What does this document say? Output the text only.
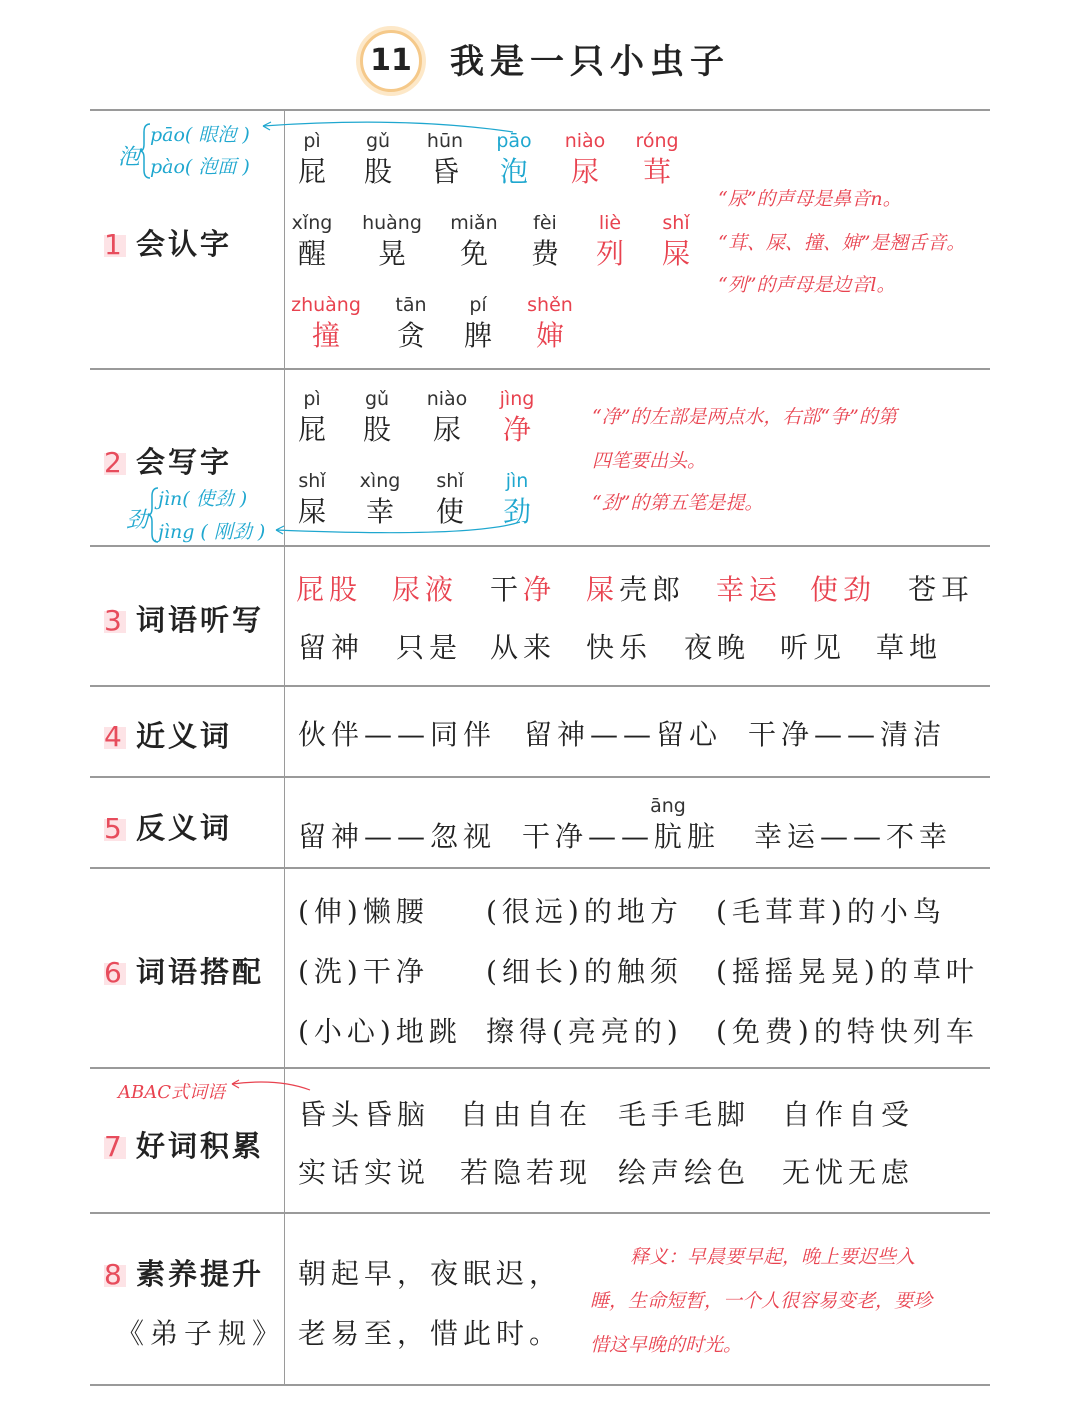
11 我是一只小虫子
1 会认字
泡
pāo( 眼泡 )
pào( 泡面 )
pì
屁
gǔ
股
hūn
昏
pāo
泡
niào
尿
róng
茸
xǐng
醒
huàng
晃
miǎn
免
fèi
费
liè
列
shǐ
屎
zhuàng
撞
tān
贪
pí
脾
shěn
婶
“尿”的声母是鼻音n。
“茸、屎、撞、婶”是翘舌音。
“列”的声母是边音l。
2 会写字
劲
jìn( 使劲 )
jìng ( 刚劲 )
pì
屁
gǔ
股
niào
尿
jìng
净
shǐ
屎
xìng
幸
shǐ
使
jìn
劲
“净”的左部是两点水，右部“争”的第
四笔要出头。
“劲”的第五笔是提。
3 词语听写
屁股 尿液 干净 屎壳郎 幸运 使劲 苍耳
留神 只是 从来 快乐 夜晚 听见 草地
4 近义词 伙伴——同伴 留神——留心 干净——清洁
5 反义词
āng
留神——忽视 干净——肮脏 幸运——不幸
6 词语搭配
(伸)懒腰 (很远)的地方 (毛茸茸)的小鸟
(洗)干净 (细长)的触须 (摇摇晃晃)的草叶
(小心)地跳 擦得(亮亮的) (免费)的特快列车
ABAC式词语
7 好词积累
昏头昏脑 自由自在 毛手毛脚 自作自受
实话实说 若隐若现 绘声绘色 无忧无虑
8 素养提升
《弟子规》
朝起早，夜眠迟，
老易至，惜此时。
释义：早晨要早起，晚上要迟些入
睡，生命短暂，一个人很容易变老，要珍
惜这早晚的时光。
